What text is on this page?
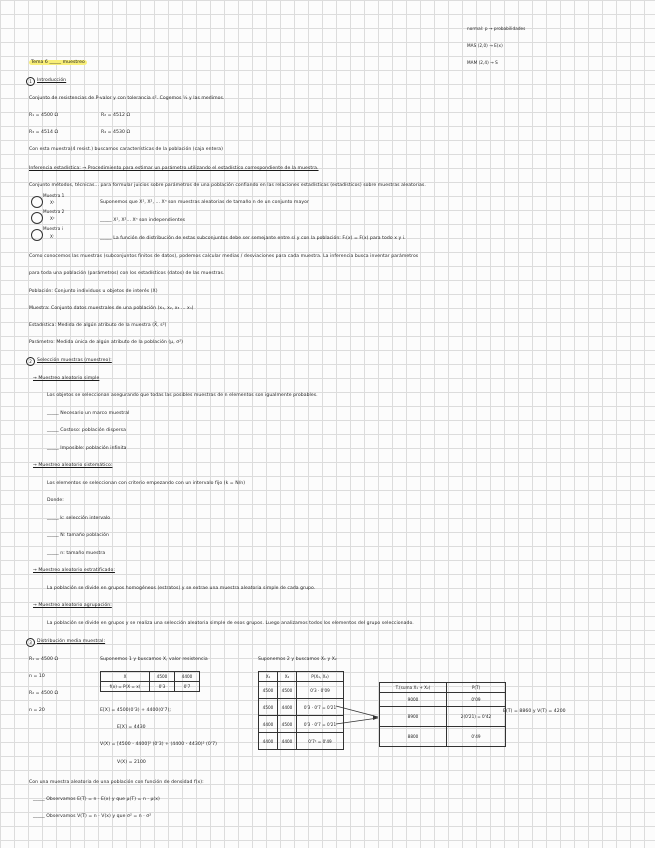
normal: p → probabilidades
MAS (2,0) → E(x)
MAM (2,4) → S
Tema 6 _____ muestreo
1	Introducción
Conjunto de resistencias de P-valor y con tolerancia s². Cogemos ½ y las medimos.
R₁ = 4500 Ω	R₂ = 4512 Ω
R₃ = 4514 Ω	R₄ = 4530 Ω
Con esta muestra(4 resist.) buscamos características de la población (caja entera)
Inferencia estadística: → Procedimiento para estimar un parámetro utilizando el estadístico correspondiente de la muestra.
Conjunto métodos, técnicas... para formular juicios sobre parámetros de una población confiando en las relaciones estadísticas (estadísticos) sobre muestras aleatorias.
Muestra 1
X¹	Suponemos que X¹, X², ... Xⁿ son muestras aleatorias de tamaño n de un conjunto mayor
Muestra 2
X²	_____ X¹, X²... Xⁿ son independientes
Muestra i
Xⁱ	_____ La función de distribución de estas subconjuntos debe ser semejante entre sí y con la población: Fᵢ(x) = F(x) para todo x y i.
Como conocemos las muestras (subconjuntos finitos de datos), podemos calcular medias / desviaciones para cada muestra. La inferencia busca inventar parámetros
para toda una población (parámetros) con los estadísticos (datos) de las muestras.
Población: Conjunto individuos u objetos de interés (X)
Muestra: Conjunto datos muestrales de una población (x₁, x₂, x₃ ... xₙ)
Estadística: Medida de algún atributo de la muestra (X̄, s²)
Parámetro: Medida única de algún atributo de la población (μ, σ²)
2	Selección muestras (muestreo):
→ Muestreo aleatorio simple
Los objetos se seleccionan asegurando que todas las posibles muestras de n elementos son igualmente probables.
_____ Necesario un marco muestral
_____ Costoso: población dispersa
_____ Imposible: población infinita
→ Muestreo aleatorio sistemático:
Los elementos se seleccionan con criterio empezando con un intervalo fijo (k = N/n)
Donde:
_____ k: selección intervalo
_____ N: tamaño población
_____ n: tamaño muestra
→ Muestreo aleatorio estratificado:
La población se divide en grupos homogéneos (estratos) y se extrae una muestra aleatoria simple de cada grupo.
→ Muestreo aleatorio agrupación:
La población se divide en grupos y se realiza una selección aleatoria simple de esos grupos. Luego analizamos todos los elementos del grupo seleccionado.
3	Distribución media muestral:
R₁ = 4500 Ω
n = 10
R₂ = 4500 Ω
n = 20
Suponemos 1 y buscamos X, valor resistencia
X	4500	4400
f(x) = P(X = x)	0'3	0'7
E[X] = 4500(0'3) + 4400(0'7);
E[X] = 4430
V(X) = [4500 - 4400]² (0'3) + (4400 - 4430)² (0'7)
V(X) = 2100
Suponemos 2 y buscamos X₁ y X₂
X₁	X₂	P(X₁, X₂)
4500	4500	0'3 · 0'09
4500	4400	0'3 · 0'7 = 0'21
4400	4500	0'3 · 0'7 = 0'21
4400	4400	0'7² = 0'49
T.(suma X₁ + X₂)	P(T)
9000	0'09
8900	2(0'21) = 0'42
8800	0'49
E(T) = 8860 y V(T) = 4200
Con una muestra aleatoria de una población con función de densidad f(x):
_____ Observamos E(T) = n · E(x) y que μ(T) = n · μ(x)
_____ Observamos V(T) = n · V(x) y que σ² = n · σ²
